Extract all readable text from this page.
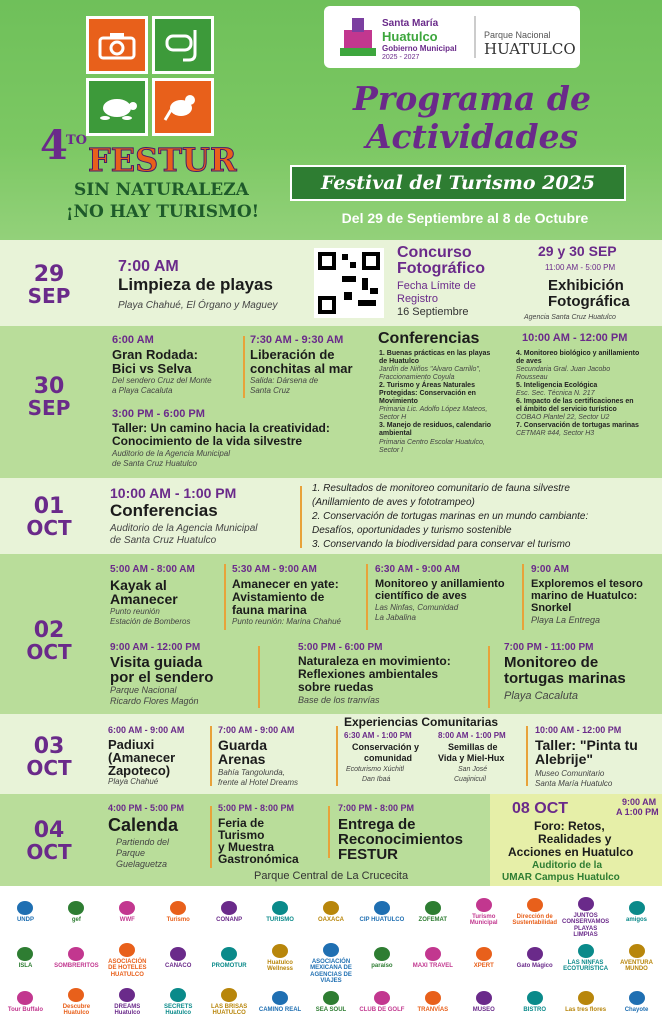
4 TO
FESTUR
SIN NATURALEZA
¡NO HAY TURISMO!
Santa María
Huatulco
Gobierno Municipal
2025 - 2027
Parque Nacional
HUATULCO
Programa de
Actividades
Festival del Turismo 2025
Del 29 de Septiembre al 8 de Octubre
29
SEP
7:00 AM
Limpieza de playas
Playa Chahué, El Órgano y Maguey
Concurso
Fotográfico
Fecha Límite de
Registro
16 Septiembre
29 y 30 SEP
11:00 AM - 5:00 PM
Exhibición
Fotográfica
Agencia Santa Cruz Huatulco
30
SEP
6:00 AM
Gran Rodada:
Bici vs Selva
Del sendero Cruz del Monte
a Playa Cacaluta
7:30 AM - 9:30 AM
Liberación de
conchitas al mar
Salida: Dársena de
Santa Cruz
3:00 PM - 6:00 PM
Taller: Un camino hacia la creatividad:
Conocimiento de la vida silvestre
Auditorio de la Agencia Municipal
de Santa Cruz Huatulco
Conferencias	10:00 AM - 12:00 PM
1. Buenas prácticas en las playas
de Huatulco
Jardín de Niños "Alvaro Carrillo",
Fraccionamiento Coyula
2. Turismo y Áreas Naturales
Protegidas: Conservación en
Movimiento
Primaria Lic. Adolfo López Mateos,
Sector H
3. Manejo de residuos, calendario
ambiental
Primaria Centro Escolar Huatulco,
Sector I
4. Monitoreo biológico y anillamiento
de aves
Secundaria Gral. Juan Jacobo
Rousseau
5. Inteligencia Ecológica
Esc. Sec. Técnica N. 217
6. Impacto de las certificaciones en
el ámbito del servicio turístico
COBAO Plantel 22, Sector U2
7. Conservación de tortugas marinas
CETMAR #44, Sector H3
01
OCT
10:00 AM - 1:00 PM
Conferencias
Auditorio de la Agencia Municipal
de Santa Cruz Huatulco
1. Resultados de monitoreo comunitario de fauna silvestre
(Anillamiento de aves y fototrampeo)
2. Conservación de tortugas marinas en un mundo cambiante:
Desafíos, oportunidades y turismo sostenible
3. Conservando la biodiversidad para conservar el turismo
02
OCT
5:00 AM - 8:00 AM
Kayak al
Amanecer
Punto reunión
Estación de Bomberos
5:30 AM - 9:00 AM
Amanecer en yate:
Avistamiento de
fauna marina
Punto reunión: Marina Chahué
6:30 AM - 9:00 AM
Monitoreo y anillamiento
científico de aves
Las Ninfas, Comunidad
La Jabalina
9:00 AM
Exploremos el tesoro
marino de Huatulco:
Snorkel
Playa La Entrega
9:00 AM - 12:00 PM
Visita guiada
por el sendero
Parque Nacional
Ricardo Flores Magón
5:00 PM - 6:00 PM
Naturaleza en movimiento:
Reflexiones ambientales
sobre ruedas
Base de los tranvías
7:00 PM - 11:00 PM
Monitoreo de
tortugas marinas
Playa Cacaluta
03
OCT
6:00 AM - 9:00 AM
Padiuxi
(Amanecer
Zapoteco)
Playa Chahué
7:00 AM - 9:00 AM
Guarda
Arenas
Bahía Tangolunda,
frente al Hotel Dreams
Experiencias Comunitarias
6:30 AM - 1:00 PM
Conservación y
comunidad
Ecoturismo Xúchitl
Dan Ibaá
8:00 AM - 1:00 PM
Semillas de
Vida y Miel-Hux
San José
Cuajinicuil
10:00 AM - 12:00 PM
Taller: "Pinta tu
Alebrije"
Museo Comunitario
Santa María Huatulco
04
OCT
4:00 PM - 5:00 PM
Calenda
Partiendo del
Parque
Guelaguetza
5:00 PM - 8:00 PM
Feria de
Turismo
y Muestra
Gastronómica
7:00 PM - 8:00 PM
Entrega de
Reconocimientos
FESTUR
Parque Central de La Crucecita
08 OCT	9:00 AM
A 1:00 PM
Foro: Retos,
Realidades y
Acciones en Huatulco
Auditorio de la
UMAR Campus Huatulco
UNDP	gef	WWF	Turismo	CONANP	TURISMO	OAXACA	CIP HUATULCO ZOFEMAT
Turismo Municipal
Dirección de Sustentabilidad
JUNTOS CONSERVAMOS PLAYAS LIMPIAS
amigos
ISLA	SOMBRERITOS
ASOCIACIÓN DE HOTELES HUATULCO
CANACO	PROMOTUR
Huatulco Wellness
ASOCIACIÓN MEXICANA DE AGENCIAS DE VIAJES
paraíso	MAXI TRAVEL	XPERT	Gato Mágico
LAS NINFAS ECOTURÍSTICA
AVENTURA MUNDO
Tour Buffalo
Descubre Huatulco
DREAMS Huatulco
SECRETS Huatulco
LAS BRISAS HUATULCO
CAMINO REAL SEA SOUL CLUB DE GOLF TRANVÍAS	MUSEO	BISTRO	Las tres flores	Chayote
